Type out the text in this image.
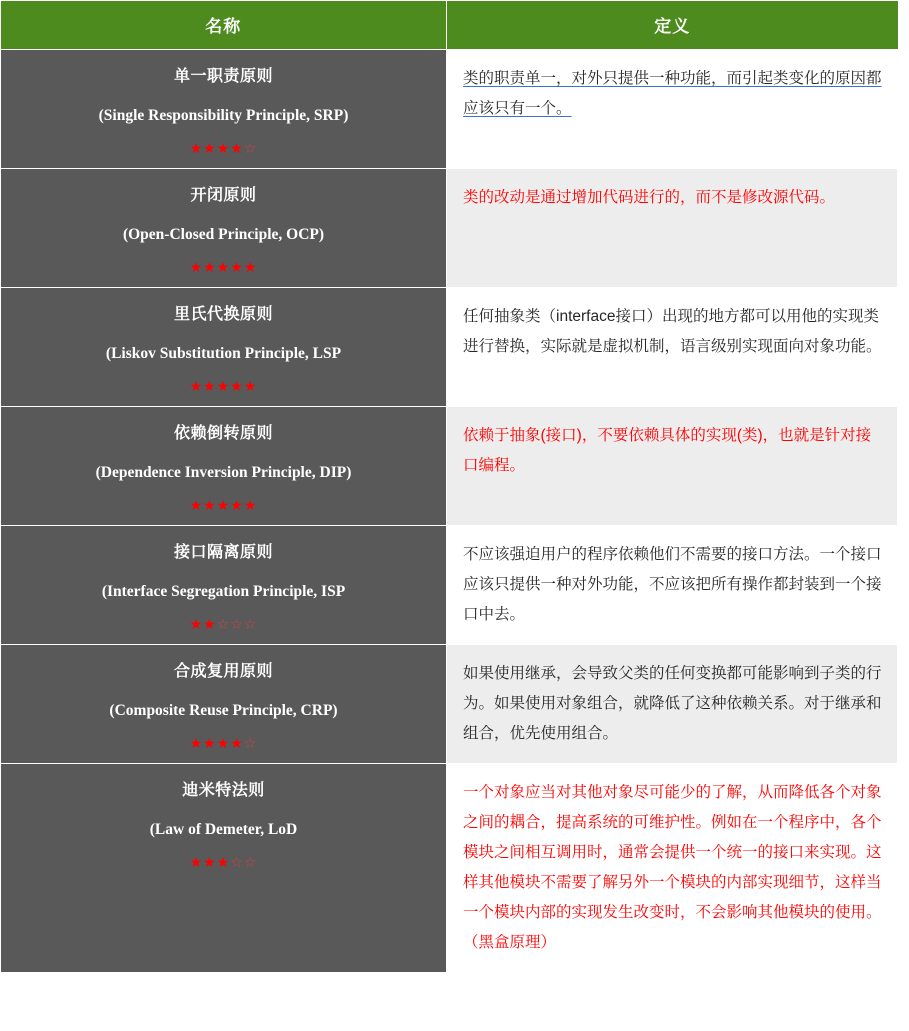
名称	定义

单一职责原则
(Single Responsibility Principle, SRP)
★★★★☆	类的职责单一，对外只提供一种功能，而引起类变化的原因都应该只有一个。

开闭原则
(Open-Closed Principle, OCP)
★★★★★	类的改动是通过增加代码进行的，而不是修改源代码。

里氏代换原则
(Liskov Substitution Principle, LSP
★★★★★	任何抽象类（interface接口）出现的地方都可以用他的实现类进行替换，实际就是虚拟机制，语言级别实现面向对象功能。

依赖倒转原则
(Dependence Inversion Principle, DIP)
★★★★★	依赖于抽象(接口)，不要依赖具体的实现(类)，也就是针对接口编程。

接口隔离原则
(Interface Segregation Principle, ISP
★★☆☆☆	不应该强迫用户的程序依赖他们不需要的接口方法。一个接口应该只提供一种对外功能，不应该把所有操作都封装到一个接口中去。

合成复用原则
(Composite Reuse Principle, CRP)
★★★★☆	如果使用继承，会导致父类的任何变换都可能影响到子类的行为。如果使用对象组合，就降低了这种依赖关系。对于继承和组合，优先使用组合。

迪米特法则
(Law of Demeter, LoD
★★★☆☆	一个对象应当对其他对象尽可能少的了解，从而降低各个对象之间的耦合，提高系统的可维护性。例如在一个程序中，各个模块之间相互调用时，通常会提供一个统一的接口来实现。这样其他模块不需要了解另外一个模块的内部实现细节，这样当一个模块内部的实现发生改变时，不会影响其他模块的使用。（黑盒原理）
